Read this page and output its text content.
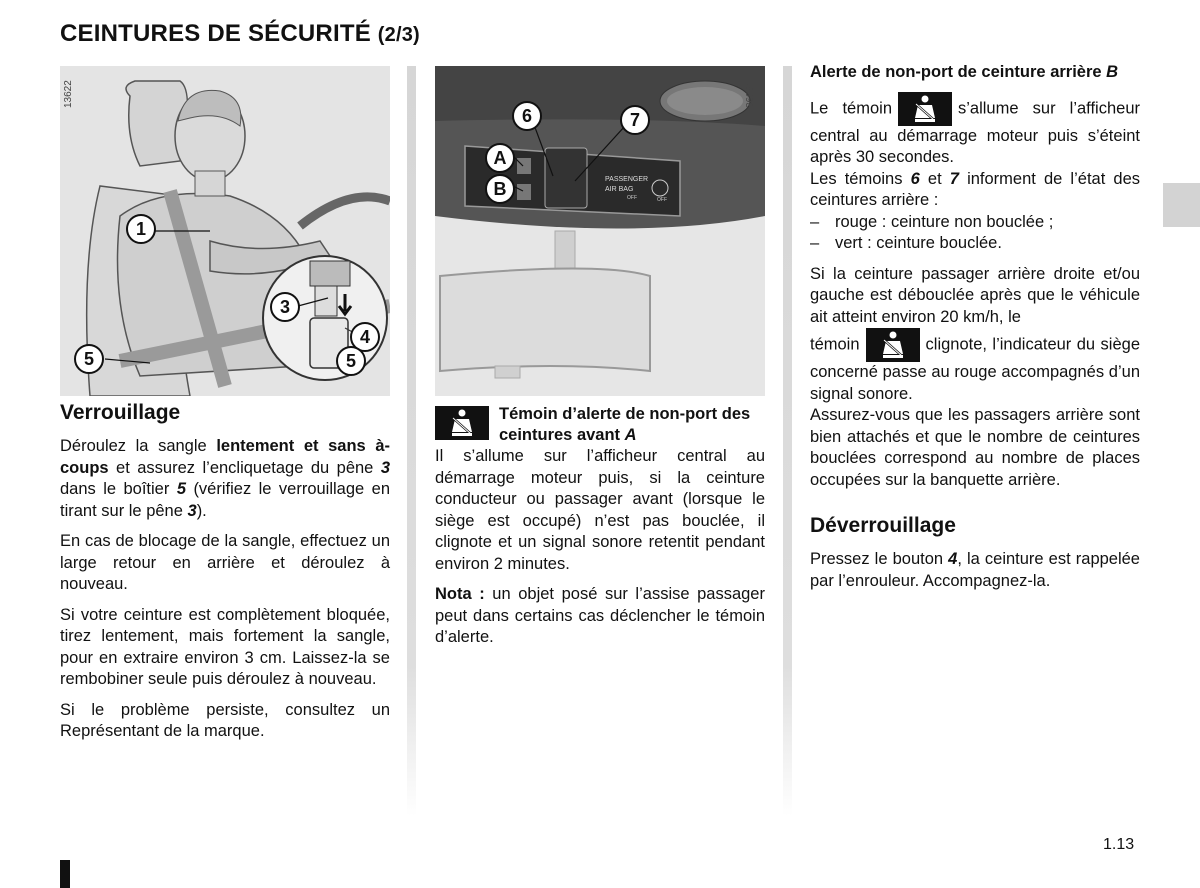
CEINTURES DE SÉCURITÉ (2/3)
1
3
4
5	5
13622
PASSENGER
AIR BAG
OFF	OFF
6	7
A
B
36981
Verrouillage

Déroulez la sangle lentement et sans à-coups et assurez l’encliquetage du pêne 3 dans le boîtier 5 (vérifiez le verrouillage en tirant sur le pêne 3).

En cas de blocage de la sangle, effectuez un large retour en arrière et déroulez à nouveau.

Si votre ceinture est complètement bloquée, tirez lentement, mais fortement la sangle, pour en extraire environ 3 cm. Laissez-la se rembobiner seule puis déroulez à nouveau.

Si le problème persiste, consultez un Représentant de la marque.

Témoin d’alerte de non-port des ceintures avant A

Il s’allume sur l’afficheur central au démarrage moteur puis, si la ceinture conducteur ou passager avant (lorsque le siège est occupé) n’est pas bouclée, il clignote et un signal sonore retentit pendant environ 2 minutes.

Nota : un objet posé sur l’assise passager peut dans certains cas déclencher le témoin d’alerte.

Alerte de non-port de ceinture arrière B

Le témoin	s’allume sur l’afficheur central au démarrage moteur puis s’éteint après 30 secondes.

Les témoins 6 et 7 informent de l’état des ceintures arrière :

– rouge : ceinture non bouclée ;
– vert : ceinture bouclée.

Si la ceinture passager arrière droite et/ou gauche est débouclée après que le véhicule ait atteint environ 20 km/h, le

témoin	clignote, l’indicateur du siège concerné passe au rouge accompagnés d’un signal sonore.

Assurez-vous que les passagers arrière sont bien attachés et que le nombre de ceintures bouclées correspond au nombre de places occupées sur la banquette arrière.

Déverrouillage

Pressez le bouton 4, la ceinture est rappelée par l’enrouleur. Accompagnez-la.

1.13
